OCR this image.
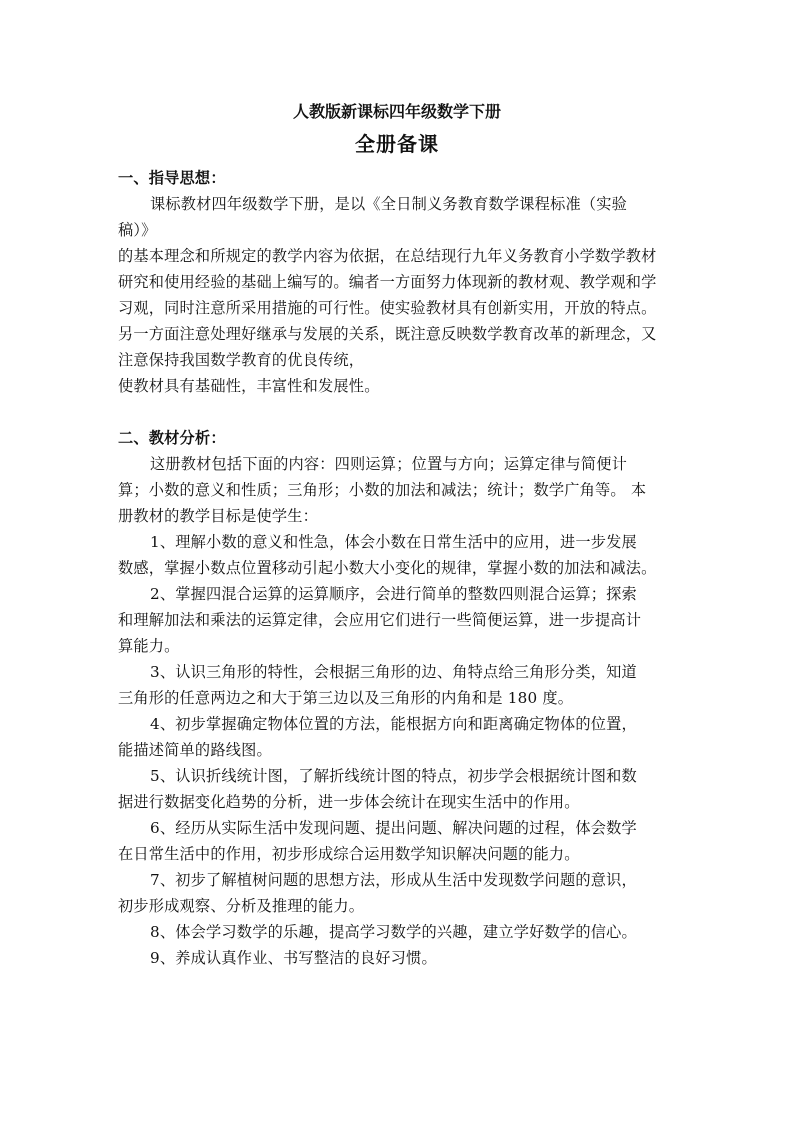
人教版新课标四年级数学下册
全册备课
一、指导思想：
课标教材四年级数学下册，是以《全日制义务教育数学课程标准（实验
稿）》
的基本理念和所规定的教学内容为依据，在总结现行九年义务教育小学数学教材
研究和使用经验的基础上编写的。编者一方面努力体现新的教材观、教学观和学
习观，同时注意所采用措施的可行性。使实验教材具有创新实用，开放的特点。
另一方面注意处理好继承与发展的关系，既注意反映数学教育改革的新理念，又
注意保持我国数学教育的优良传统，
使教材具有基础性，丰富性和发展性。
二、教材分析：
这册教材包括下面的内容：四则运算；位置与方向；运算定律与简便计
算；小数的意义和性质；三角形；小数的加法和减法；统计；数学广角等。 本
册教材的教学目标是使学生：
1、理解小数的意义和性急，体会小数在日常生活中的应用，进一步发展
数感，掌握小数点位置移动引起小数大小变化的规律，掌握小数的加法和减法。
2、掌握四混合运算的运算顺序，会进行简单的整数四则混合运算；探索
和理解加法和乘法的运算定律，会应用它们进行一些简便运算，进一步提高计
算能力。
3、认识三角形的特性，会根据三角形的边、角特点给三角形分类，知道
三角形的任意两边之和大于第三边以及三角形的内角和是 180 度。
4、初步掌握确定物体位置的方法，能根据方向和距离确定物体的位置，
能描述简单的路线图。
5、认识折线统计图，了解折线统计图的特点，初步学会根据统计图和数
据进行数据变化趋势的分析，进一步体会统计在现实生活中的作用。
6、经历从实际生活中发现问题、提出问题、解决问题的过程，体会数学
在日常生活中的作用，初步形成综合运用数学知识解决问题的能力。
7、初步了解植树问题的思想方法，形成从生活中发现数学问题的意识，
初步形成观察、分析及推理的能力。
8、体会学习数学的乐趣，提高学习数学的兴趣，建立学好数学的信心。
9、养成认真作业、书写整洁的良好习惯。
